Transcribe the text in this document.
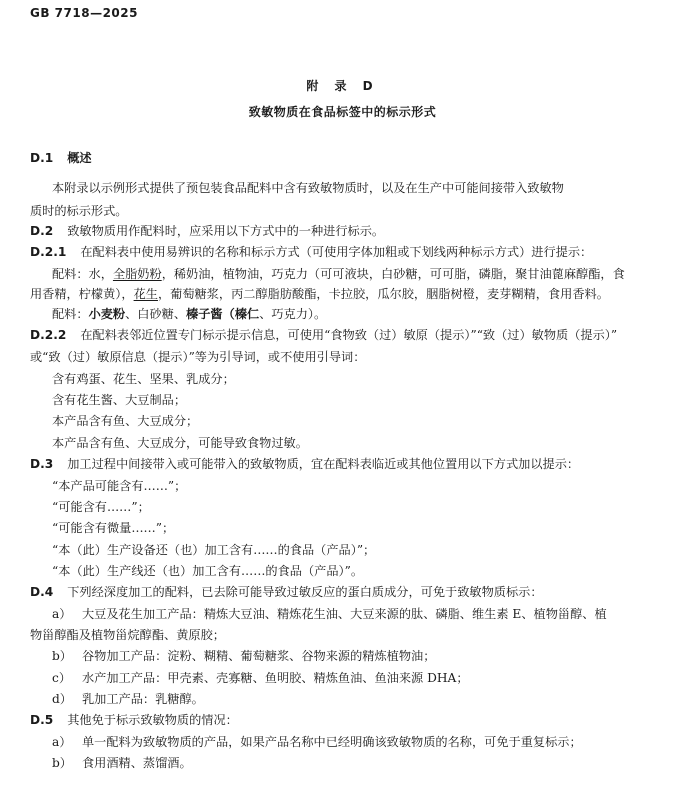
GB 7718—2025
附 录 D
致敏物质在食品标签中的标示形式
D.1 概述
本附录以示例形式提供了预包装食品配料中含有致敏物质时，以及在生产中可能间接带入致敏物
质时的标示形式。
D.2 致敏物质用作配料时，应采用以下方式中的一种进行标示。
D.2.1 在配料表中使用易辨识的名称和标示方式（可使用字体加粗或下划线两种标示方式）进行提示：
配料：水，全脂奶粉，稀奶油，植物油，巧克力（可可液块，白砂糖，可可脂，磷脂，聚甘油蓖麻醇酯，食
用香精，柠檬黄），花生，葡萄糖浆，丙二醇脂肪酸酯，卡拉胶，瓜尔胶，胭脂树橙，麦芽糊精，食用香料。
配料：小麦粉、白砂糖、榛子酱（榛仁、巧克力）。
D.2.2 在配料表邻近位置专门标示提示信息，可使用“食物致（过）敏原（提示）”“致（过）敏物质（提示）”
或“致（过）敏原信息（提示）”等为引导词，或不使用引导词：
含有鸡蛋、花生、坚果、乳成分；
含有花生酱、大豆制品；
本产品含有鱼、大豆成分；
本产品含有鱼、大豆成分，可能导致食物过敏。
D.3 加工过程中间接带入或可能带入的致敏物质，宜在配料表临近或其他位置用以下方式加以提示：
“本产品可能含有……”；
“可能含有……”；
“可能含有微量……”；
“本（此）生产设备还（也）加工含有……的食品（产品）”；
“本（此）生产线还（也）加工含有……的食品（产品）”。
D.4 下列经深度加工的配料，已去除可能导致过敏反应的蛋白质成分，可免于致敏物质标示：
a） 大豆及花生加工产品：精炼大豆油、精炼花生油、大豆来源的肽、磷脂、维生素 E、植物甾醇、植
物甾醇酯及植物甾烷醇酯、黄原胶；
b） 谷物加工产品：淀粉、糊精、葡萄糖浆、谷物来源的精炼植物油；
c） 水产加工产品：甲壳素、壳寡糖、鱼明胶、精炼鱼油、鱼油来源 DHA；
d） 乳加工产品：乳糖醇。
D.5 其他免于标示致敏物质的情况：
a） 单一配料为致敏物质的产品，如果产品名称中已经明确该致敏物质的名称，可免于重复标示；
b） 食用酒精、蒸馏酒。
